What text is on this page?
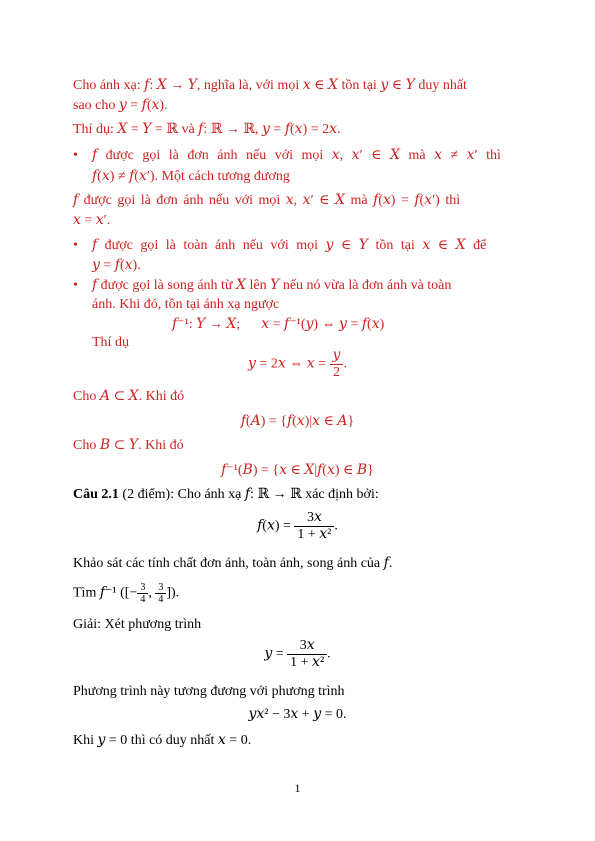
Cho ánh xạ: 𝑓: 𝑋 → 𝑌, nghĩa là, với mọi 𝑥 ∈ 𝑋 tồn tại 𝑦 ∈ 𝑌 duy nhất
sao cho 𝑦 = 𝑓(𝑥).
Thí dụ: 𝑋 = 𝑌 = ℝ và 𝑓: ℝ → ℝ, 𝑦 = 𝑓(𝑥) = 2𝑥.
• 𝑓 được gọi là đơn ánh nếu với mọi 𝑥, 𝑥′ ∈ 𝑋 mà 𝑥 ≠ 𝑥′ thì
𝑓(𝑥) ≠ 𝑓(𝑥′). Một cách tương đương
𝑓 được gọi là đơn ánh nếu với mọi 𝑥, 𝑥′ ∈ 𝑋 mà 𝑓(𝑥) = 𝑓(𝑥′) thì
𝑥 = 𝑥′.
• 𝑓 được gọi là toàn ánh nếu với mọi 𝑦 ∈ 𝑌 tồn tại 𝑥 ∈ 𝑋 để
𝑦 = 𝑓(𝑥).
• 𝑓 được gọi là song ánh từ 𝑋 lên 𝑌 nếu nó vừa là đơn ánh và toàn
ánh. Khi đó, tồn tại ánh xạ ngược
𝑓⁻¹: 𝑌 → 𝑋;      𝑥 = 𝑓⁻¹(𝑦) ⇔ 𝑦 = 𝑓(𝑥)
Thí dụ
𝑦 = 2𝑥 ⇔ 𝑥 = $\frac{\text{𝑦}}{2}$ .
Cho 𝐴 ⊂ 𝑋. Khi đó
𝑓(𝐴) = {𝑓(𝑥)|𝑥 ∈ 𝐴}
Cho 𝐵 ⊂ 𝑌. Khi đó
𝑓⁻¹(𝐵) = {𝑥 ∈ 𝑋|𝑓(𝑥) ∈ 𝐵}
Câu 2.1 (2 điểm): Cho ánh xạ 𝑓: ℝ → ℝ xác định bởi:
𝑓(𝑥) = $\frac{\text{3𝑥}}{\text{1 + 𝑥²}}$ .
Khảo sát các tính chất đơn ánh, toàn ánh, song ánh của 𝑓.
Tìm 𝑓⁻¹ ([− $\frac{3}{4}$ , $\frac{3}{4}$ ]).
Giải: Xét phương trình
𝑦 = $\frac{\text{3𝑥}}{\text{1 + 𝑥²}}$ .
Phương trình này tương đương với phương trình
𝑦𝑥² − 3𝑥 + 𝑦 = 0.
Khi 𝑦 = 0 thì có duy nhất 𝑥 = 0.
1
